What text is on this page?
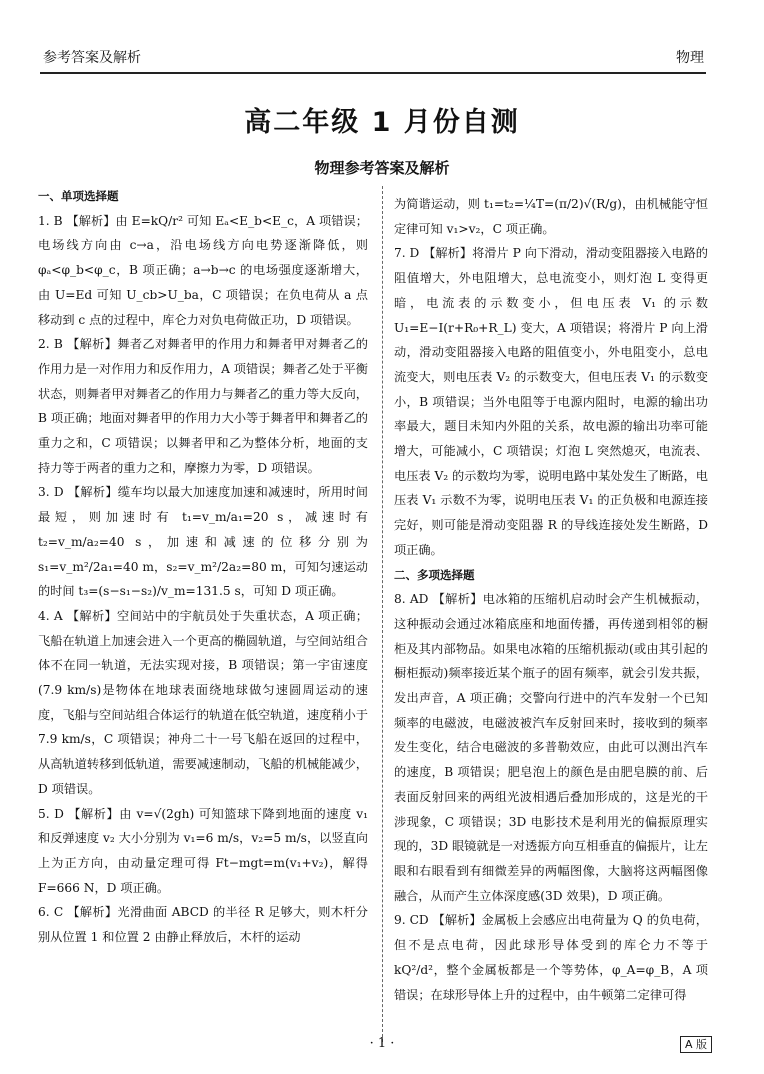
参考答案及解析	物理
高二年级 1 月份自测
物理参考答案及解析
一、单项选择题

1. B 【解析】由 E=kQ/r² 可知 Eₐ<E_b<E_c，A 项错误；电场线方向由 c→a，沿电场线方向电势逐渐降低，则 φₐ<φ_b<φ_c，B 项正确；a→b→c 的电场强度逐渐增大，由 U=Ed 可知 U_cb>U_ba，C 项错误；在负电荷从 a 点移动到 c 点的过程中，库仑力对负电荷做正功，D 项错误。

2. B 【解析】舞者乙对舞者甲的作用力和舞者甲对舞者乙的作用力是一对作用力和反作用力，A 项错误；舞者乙处于平衡状态，则舞者甲对舞者乙的作用力与舞者乙的重力等大反向，B 项正确；地面对舞者甲的作用力大小等于舞者甲和舞者乙的重力之和，C 项错误；以舞者甲和乙为整体分析，地面的支持力等于两者的重力之和，摩擦力为零，D 项错误。

3. D 【解析】缆车均以最大加速度加速和减速时，所用时间最短，则加速时有 t₁=v_m/a₁=20 s，减速时有 t₂=v_m/a₂=40 s，加速和减速的位移分别为 s₁=v_m²/2a₁=40 m，s₂=v_m²/2a₂=80 m，可知匀速运动的时间 t₃=(s−s₁−s₂)/v_m=131.5 s，可知 D 项正确。

4. A 【解析】空间站中的宇航员处于失重状态，A 项正确；飞船在轨道上加速会进入一个更高的椭圆轨道，与空间站组合体不在同一轨道，无法实现对接，B 项错误；第一宇宙速度(7.9 km/s)是物体在地球表面绕地球做匀速圆周运动的速度，飞船与空间站组合体运行的轨道在低空轨道，速度稍小于 7.9 km/s，C 项错误；神舟二十一号飞船在返回的过程中，从高轨道转移到低轨道，需要减速制动，飞船的机械能减少，D 项错误。

5. D 【解析】由 v=√(2gh) 可知篮球下降到地面的速度 v₁ 和反弹速度 v₂ 大小分别为 v₁=6 m/s，v₂=5 m/s，以竖直向上为正方向，由动量定理可得 Ft−mgt=m(v₁+v₂)，解得 F=666 N，D 项正确。

6. C 【解析】光滑曲面 ABCD 的半径 R 足够大，则木杆分别从位置 1 和位置 2 由静止释放后，木杆的运动

为简谐运动，则 t₁=t₂=¼T=(π/2)√(R/g)，由机械能守恒定律可知 v₁>v₂，C 项正确。

7. D 【解析】将滑片 P 向下滑动，滑动变阻器接入电路的阻值增大，外电阻增大，总电流变小，则灯泡 L 变得更暗，电流表的示数变小，但电压表 V₁ 的示数 U₁=E−I(r+R₀+R_L) 变大，A 项错误；将滑片 P 向上滑动，滑动变阻器接入电路的阻值变小，外电阻变小，总电流变大，则电压表 V₂ 的示数变大，但电压表 V₁ 的示数变小，B 项错误；当外电阻等于电源内阻时，电源的输出功率最大，题目未知内外阻的关系，故电源的输出功率可能增大，可能减小，C 项错误；灯泡 L 突然熄灭，电流表、电压表 V₂ 的示数均为零，说明电路中某处发生了断路，电压表 V₁ 示数不为零，说明电压表 V₁ 的正负极和电源连接完好，则可能是滑动变阻器 R 的导线连接处发生断路，D 项正确。

二、多项选择题

8. AD 【解析】电冰箱的压缩机启动时会产生机械振动，这种振动会通过冰箱底座和地面传播，再传递到相邻的橱柜及其内部物品。如果电冰箱的压缩机振动(或由其引起的橱柜振动)频率接近某个瓶子的固有频率，就会引发共振，发出声音，A 项正确；交警向行进中的汽车发射一个已知频率的电磁波，电磁波被汽车反射回来时，接收到的频率发生变化，结合电磁波的多普勒效应，由此可以测出汽车的速度，B 项错误；肥皂泡上的颜色是由肥皂膜的前、后表面反射回来的两组光波相遇后叠加形成的，这是光的干涉现象，C 项错误；3D 电影技术是利用光的偏振原理实现的，3D 眼镜就是一对透振方向互相垂直的偏振片，让左眼和右眼看到有细微差异的两幅图像，大脑将这两幅图像融合，从而产生立体深度感(3D 效果)，D 项正确。

9. CD 【解析】金属板上会感应出电荷量为 Q 的负电荷，但不是点电荷，因此球形导体受到的库仑力不等于 kQ²/d²，整个金属板都是一个等势体，φ_A=φ_B，A 项错误；在球形导体上升的过程中，由牛顿第二定律可得

· 1 ·	A 版
